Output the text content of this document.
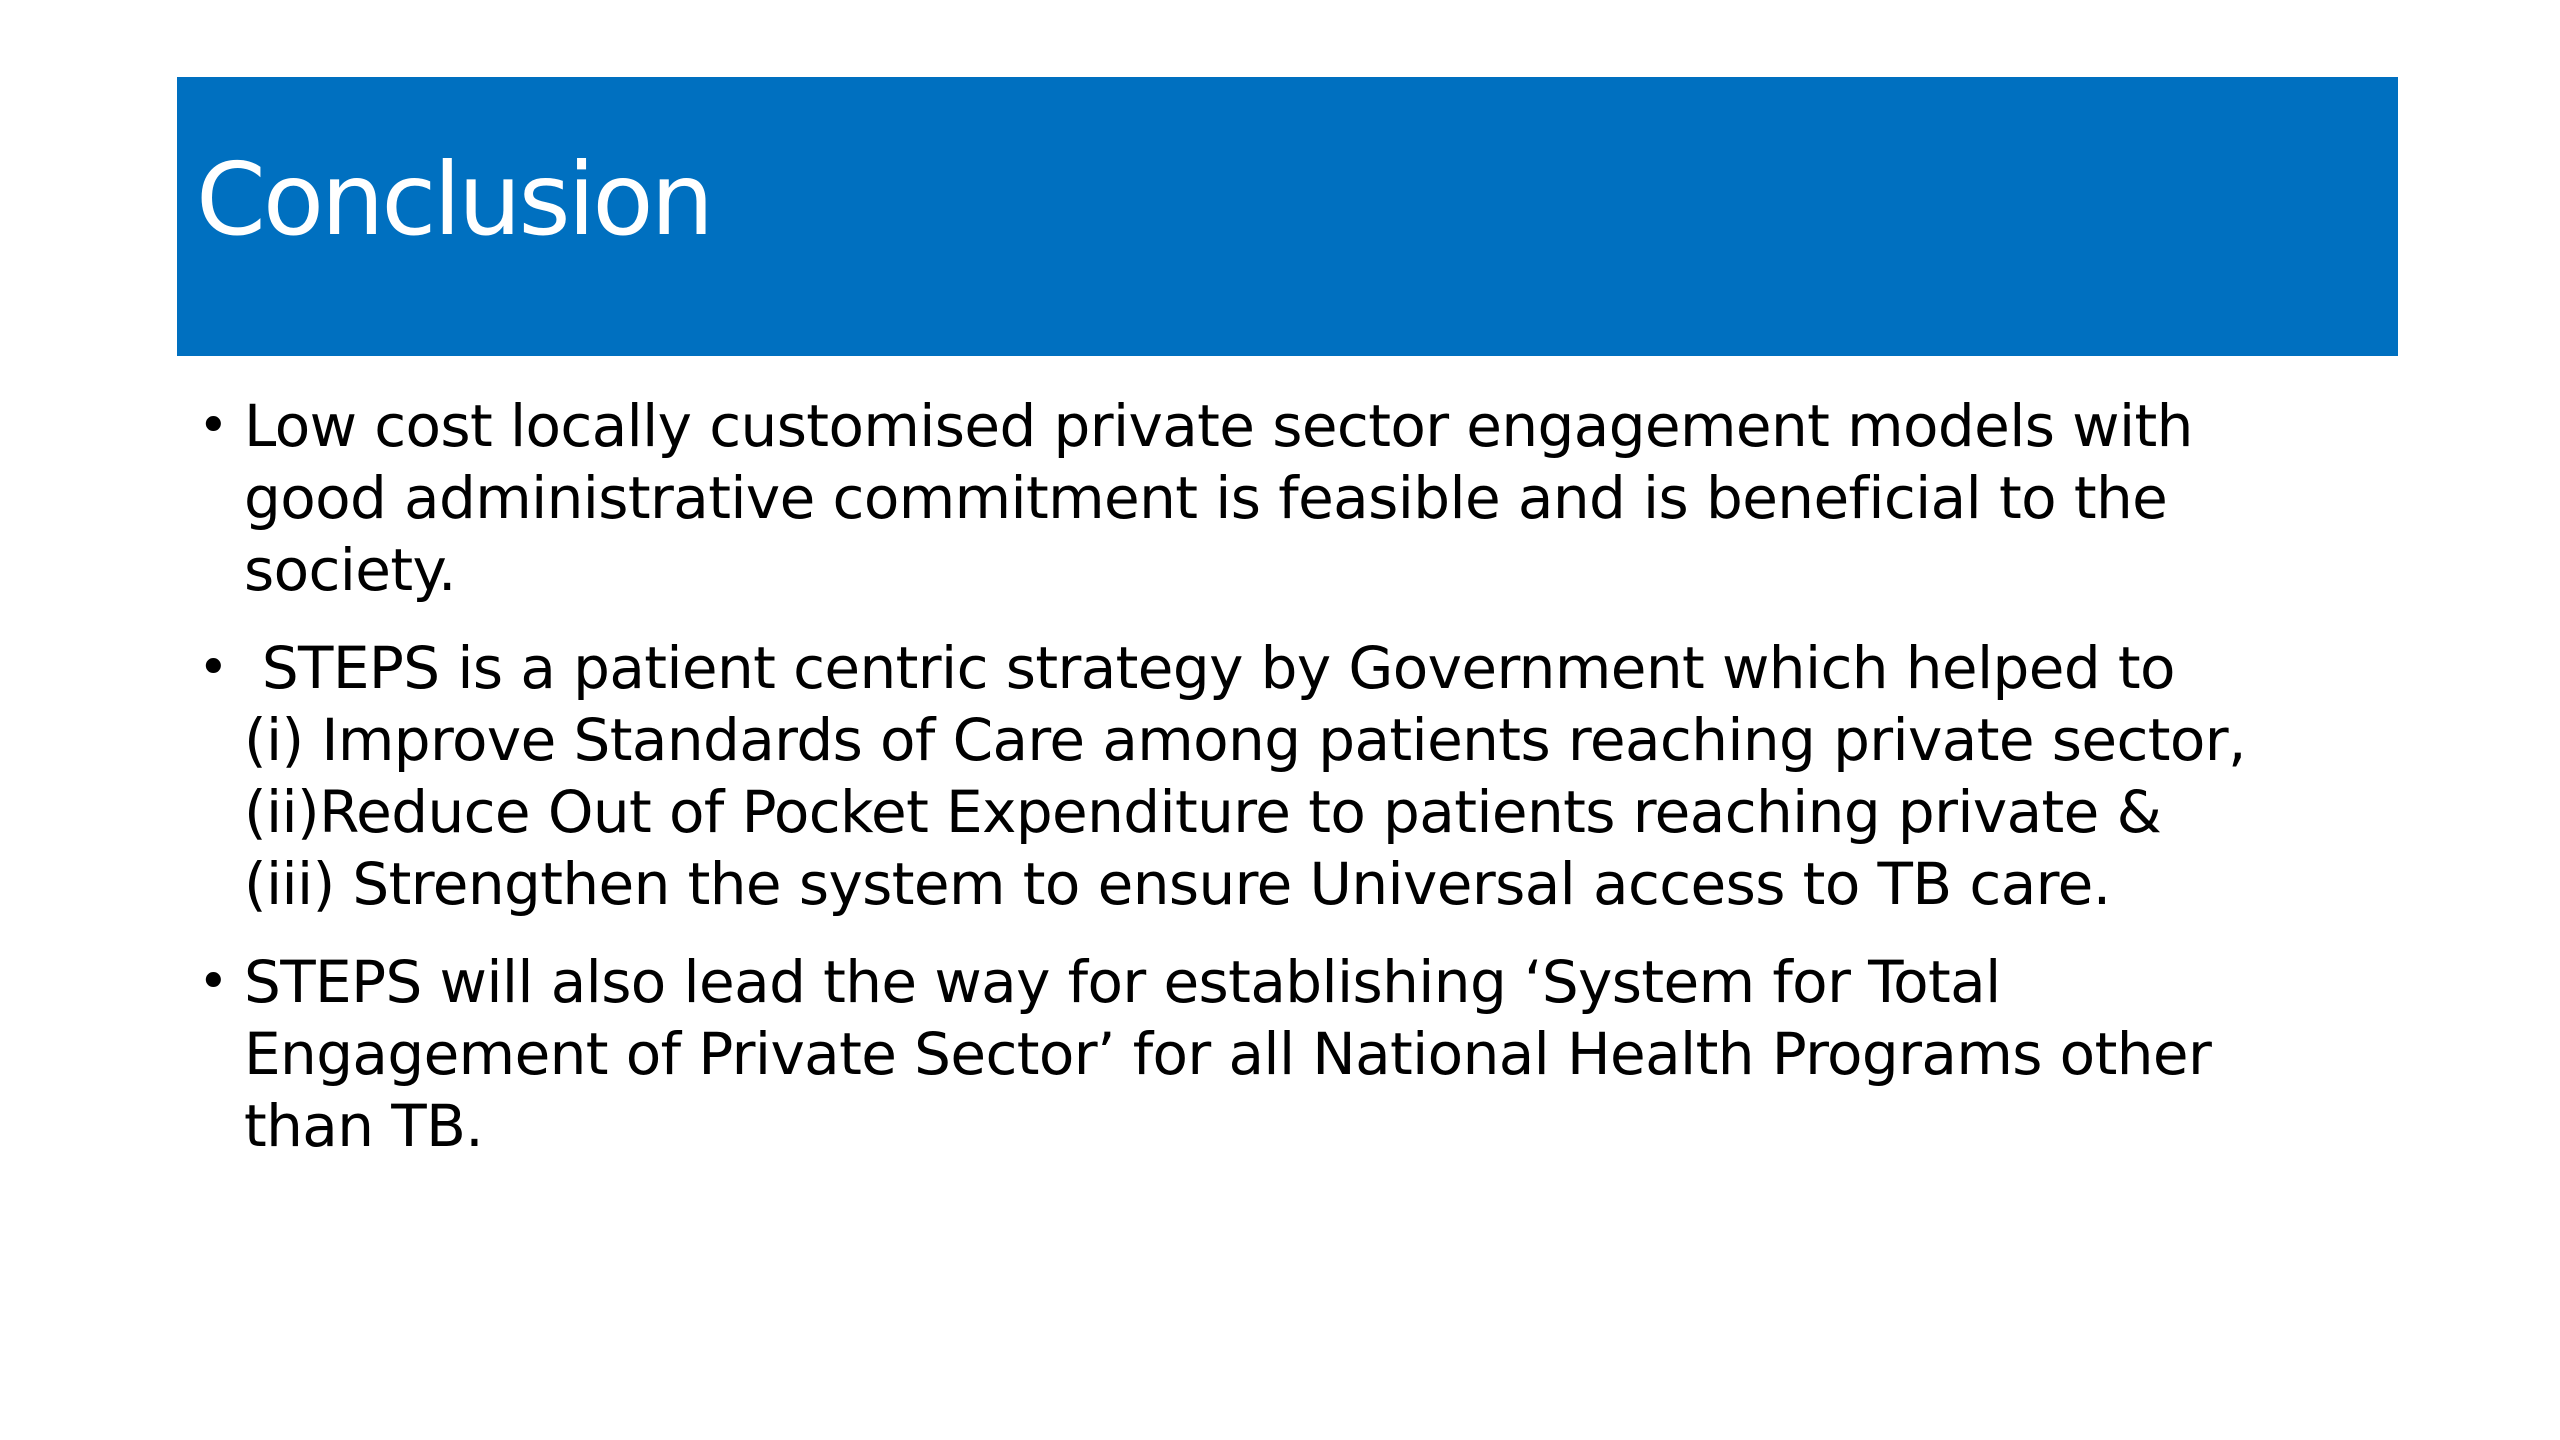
Conclusion
• Low cost locally customised private sector engagement models with
good administrative commitment is feasible and is beneficial to the
society.
• STEPS is a patient centric strategy by Government which helped to
(i) Improve Standards of Care among patients reaching private sector,
(ii)Reduce Out of Pocket Expenditure to patients reaching private &
(iii) Strengthen the system to ensure Universal access to TB care.
• STEPS will also lead the way for establishing ‘System for Total
Engagement of Private Sector’ for all National Health Programs other
than TB.
